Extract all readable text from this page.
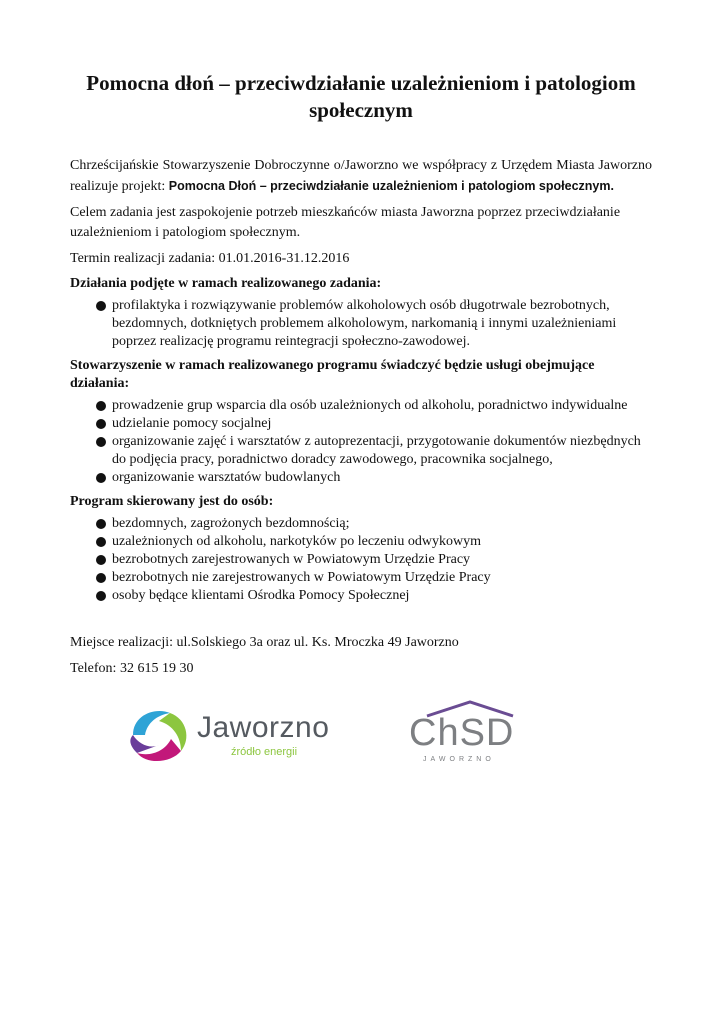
Pomocna dłoń – przeciwdziałanie uzależnieniom i patologiom społecznym

Chrześcijańskie Stowarzyszenie Dobroczynne o/Jaworzno we współpracy z Urzędem Miasta Jaworzno realizuje projekt: Pomocna Dłoń – przeciwdziałanie uzależnieniom i patologiom społecznym.

Celem zadania jest zaspokojenie potrzeb mieszkańców miasta Jaworzna poprzez przeciwdziałanie uzależnieniom i patologiom społecznym.

Termin realizacji zadania: 01.01.2016-31.12.2016

Działania podjęte w ramach realizowanego zadania:

profilaktyka i rozwiązywanie problemów alkoholowych osób długotrwale bezrobotnych, bezdomnych, dotkniętych problemem alkoholowym, narkomanią i innymi uzależnieniami poprzez realizację programu reintegracji społeczno-zawodowej.

Stowarzyszenie w ramach realizowanego programu świadczyć będzie usługi obejmujące działania:

prowadzenie grup wsparcia dla osób uzależnionych od alkoholu, poradnictwo indywidualne
udzielanie pomocy socjalnej
organizowanie zajęć i warsztatów z autoprezentacji, przygotowanie dokumentów niezbędnych do podjęcia pracy, poradnictwo doradcy zawodowego, pracownika socjalnego,
organizowanie warsztatów budowlanych

Program skierowany jest do osób:

bezdomnych, zagrożonych bezdomnością;
uzależnionych od alkoholu, narkotyków po leczeniu odwykowym
bezrobotnych zarejestrowanych w Powiatowym Urzędzie Pracy
bezrobotnych nie zarejestrowanych w Powiatowym Urzędzie Pracy
osoby będące klientami Ośrodka Pomocy Społecznej

Miejsce realizacji: ul.Solskiego 3a oraz ul. Ks. Mroczka 49 Jaworzno

Telefon: 32 615 19 30

Jaworzno
źródło energii	ChSD
JAWORZNO
